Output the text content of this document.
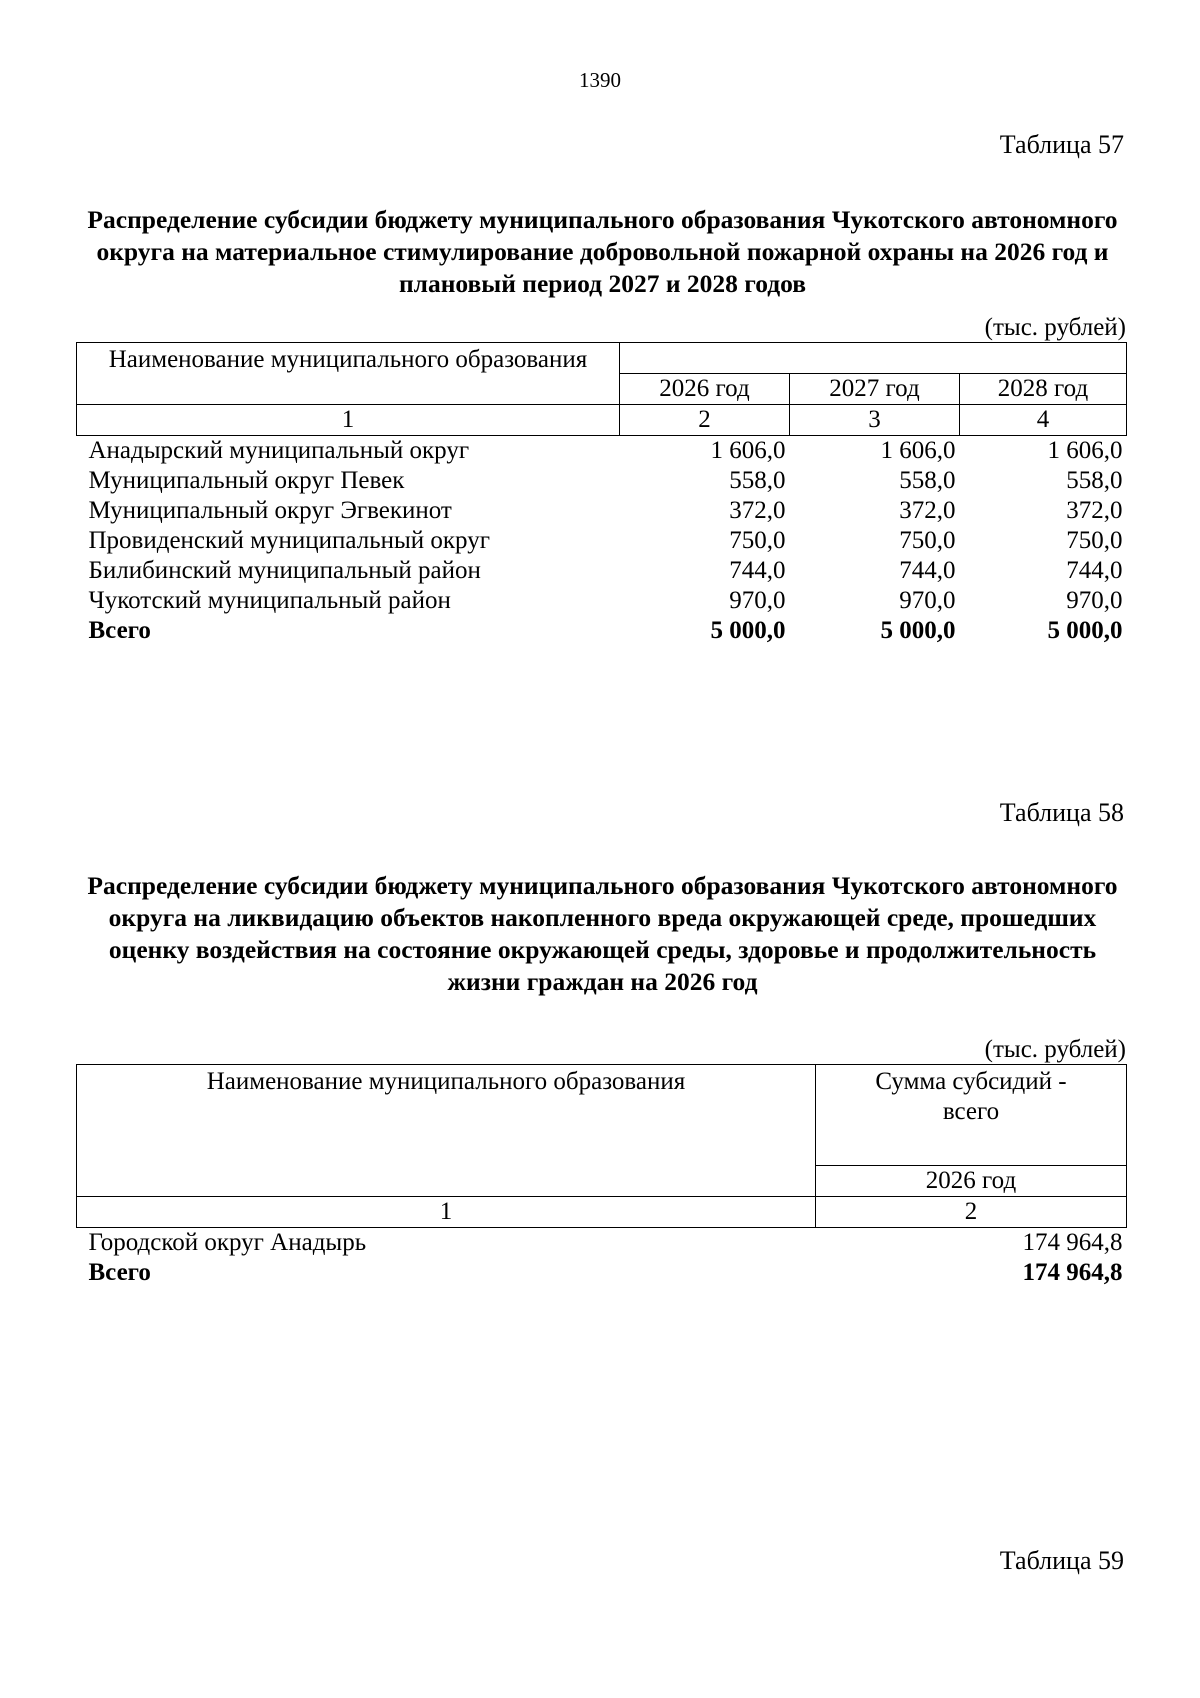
1390
Таблица 57
Распределение субсидии бюджету муниципального образования Чукотского автономного округа на материальное стимулирование добровольной пожарной охраны на 2026 год и плановый период 2027 и 2028 годов
(тыс. рублей)
Наименование муниципального образования			
	2026 год	2027 год	2028 год
1	2	3	4
Анадырский муниципальный округ	1 606,0	1 606,0	1 606,0
Муниципальный округ Певек	558,0	558,0	558,0
Муниципальный округ Эгвекинот	372,0	372,0	372,0
Провиденский муниципальный округ	750,0	750,0	750,0
Билибинский муниципальный район	744,0	744,0	744,0
Чукотский муниципальный район	970,0	970,0	970,0
Всего	5 000,0	5 000,0	5 000,0
Таблица 58
Распределение субсидии бюджету муниципального образования Чукотского автономного округа на ликвидацию объектов накопленного вреда окружающей среде, прошедших оценку воздействия на состояние окружающей среды, здоровье и продолжительность жизни граждан на 2026 год
(тыс. рублей)
Наименование муниципального образования	Сумма субсидий - всего
	2026 год
1	2
Городской округ Анадырь	174 964,8
Всего	174 964,8
Таблица 59
